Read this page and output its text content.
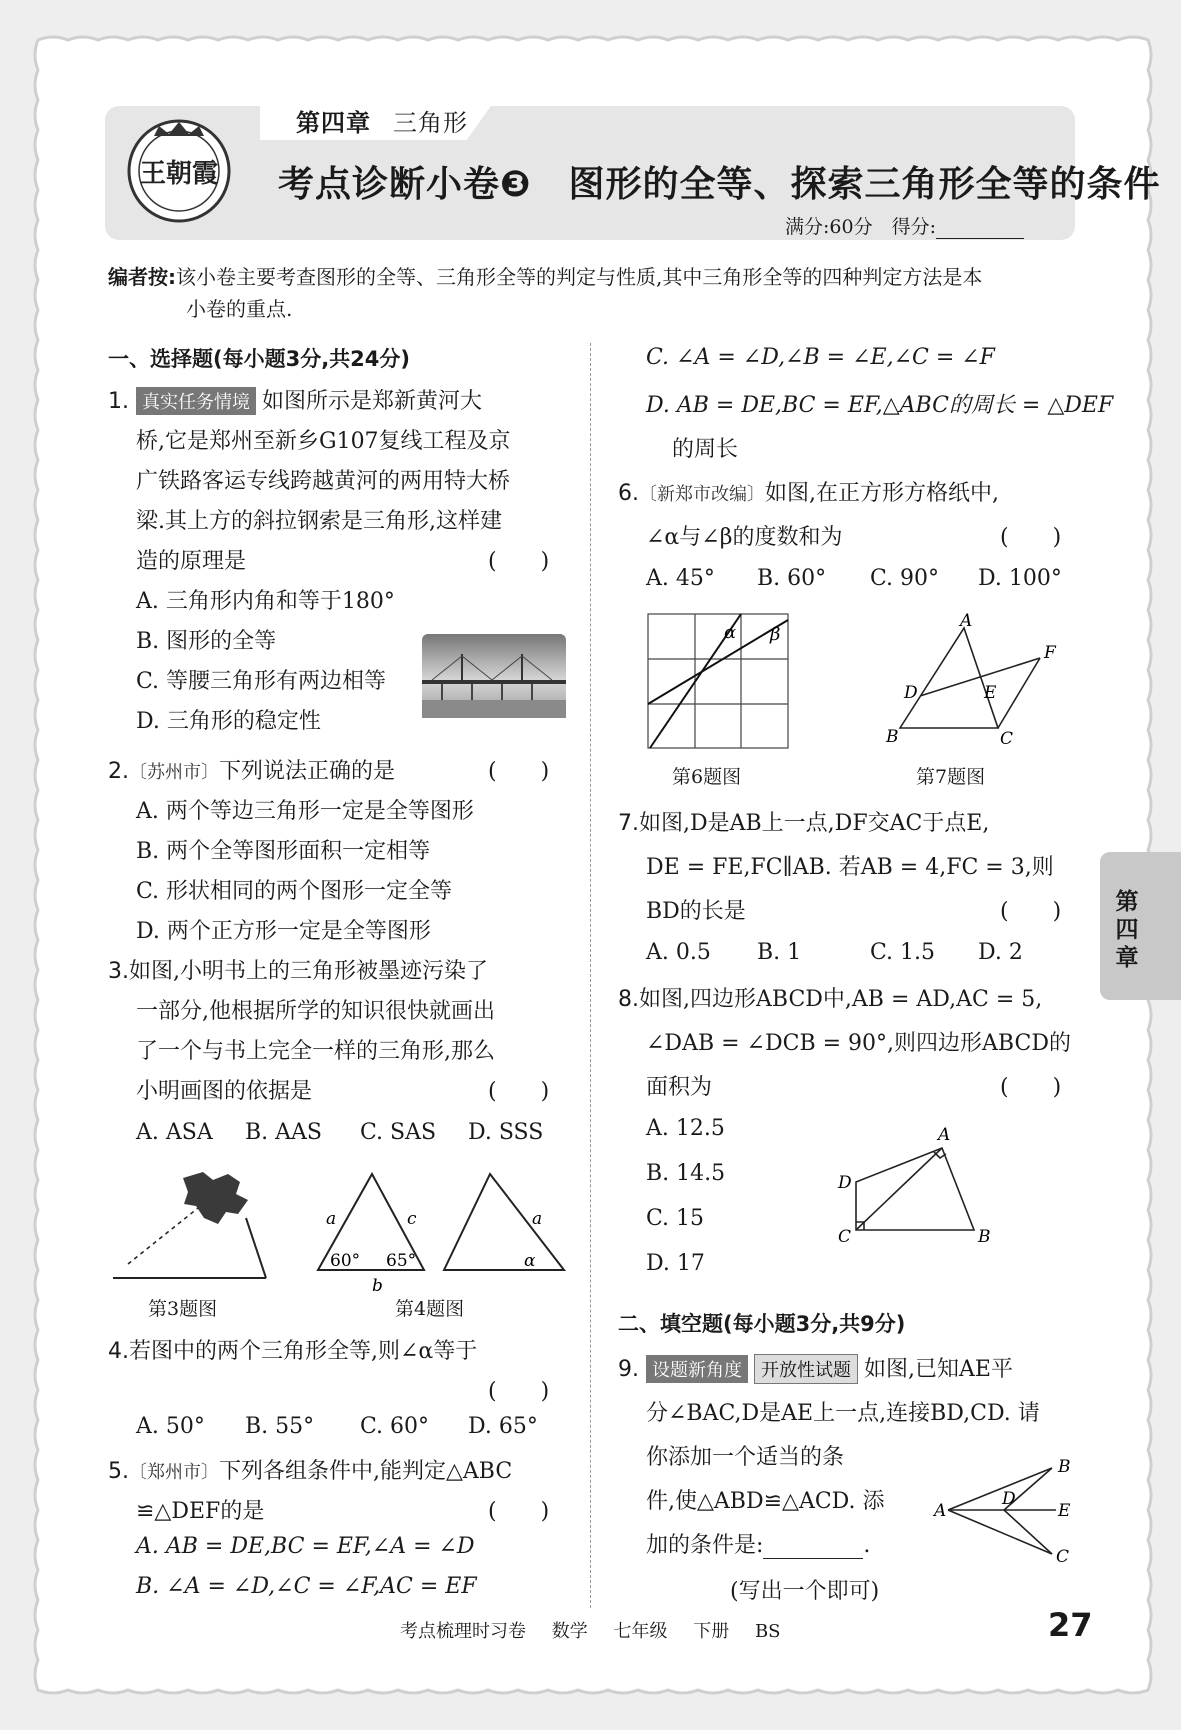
第四章 三角形
王朝霞 考点诊断小卷❸　图形的全等、探索三角形全等的条件
满分:60分　得分:
编者按:该小卷主要考查图形的全等、三角形全等的判定与性质,其中三角形全等的四种判定方法是本
小卷的重点.
一、选择题(每小题3分,共24分)
1. 真实任务情境 如图所示是郑新黄河大
桥,它是郑州至新乡G107复线工程及京
广铁路客运专线跨越黄河的两用特大桥
梁.其上方的斜拉钢索是三角形,这样建
造的原理是	(　　)
A. 三角形内角和等于180°
B. 图形的全等
C. 等腰三角形有两边相等
D. 三角形的稳定性
2.〔苏州市〕下列说法正确的是	(　　)
A. 两个等边三角形一定是全等图形
B. 两个全等图形面积一定相等
C. 形状相同的两个图形一定全等
D. 两个正方形一定是全等图形
3.如图,小明书上的三角形被墨迹污染了
一部分,他根据所学的知识很快就画出
了一个与书上完全一样的三角形,那么
小明画图的依据是	(　　)
A. ASA B. AAS C. SAS D. SSS
第3题图
a	c
b
60° 65°
a
α
第4题图
4.若图中的两个三角形全等,则∠α等于
(　　)
A. 50° B. 55° C. 60° D. 65°
5.〔郑州市〕下列各组条件中,能判定△ABC
≌△DEF的是	(　　)
A. AB = DE,BC = EF,∠A = ∠D
B. ∠A = ∠D,∠C = ∠F,AC = EF
C. ∠A = ∠D,∠B = ∠E,∠C = ∠F
D. AB = DE,BC = EF,△ABC的周长 = △DEF
的周长
6.〔新郑市改编〕如图,在正方形方格纸中,
∠α与∠β的度数和为	(　　)
A. 45° B. 60° C. 90° D. 100°
α β
第6题图
A
B	C
D	E
F
第7题图
7.如图,D是AB上一点,DF交AC于点E,
DE = FE,FC∥AB. 若AB = 4,FC = 3,则
BD的长是	(　　)
A. 0.5 B. 1	C. 1.5 D. 2
8.如图,四边形ABCD中,AB = AD,AC = 5,
∠DAB = ∠DCB = 90°,则四边形ABCD的
面积为	(　　)
A. 12.5
B. 14.5
C. 15
D. 17
A
D
C	B
二、填空题(每小题3分,共9分)
9. 设题新角度 开放性试题 如图,已知AE平
分∠BAC,D是AE上一点,连接BD,CD. 请
你添加一个适当的条
件,使△ABD≌△ACD. 添
加的条件是:	.
(写出一个即可)
A
B
E
C
D
第四章
考点梳理时习卷 数学 七年级 下册 BS	27
